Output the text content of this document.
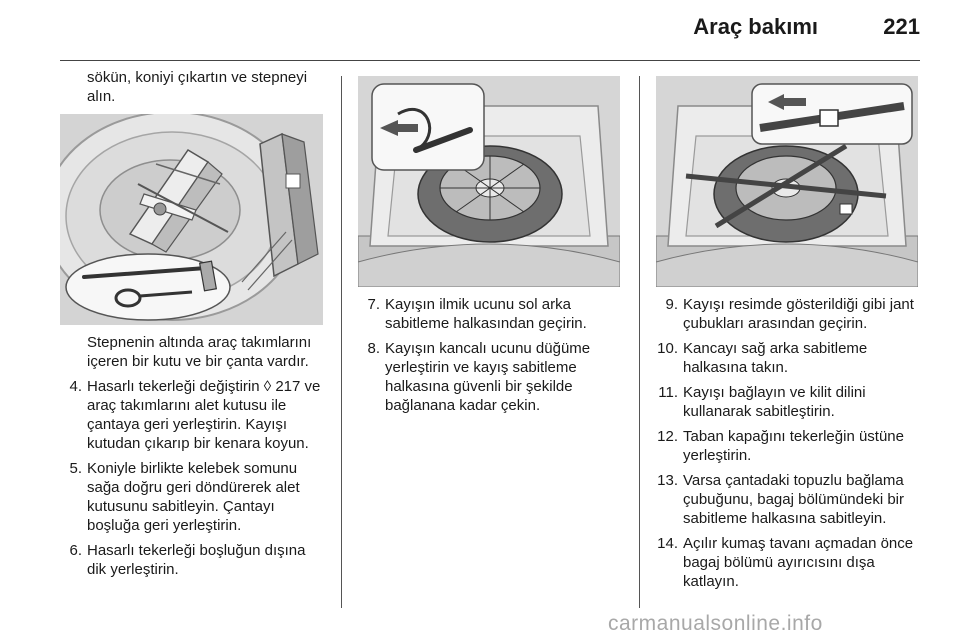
Araç bakımı	221

sökün, koniyi çıkartın ve stepneyi alın.

Stepnenin altında araç takımlarını içeren bir kutu ve bir çanta vardır.

4. Hasarlı tekerleği değiştirin ◊ 217 ve araç takımlarını alet kutusu ile çantaya geri yerleştirin. Kayışı kutudan çıkarıp bir kenara koyun.
5. Koniyle birlikte kelebek somunu sağa doğru geri döndürerek alet kutusunu sabitleyin. Çantayı boşluğa geri yerleştirin.
6. Hasarlı tekerleği boşluğun dışına dik yerleştirin.
7. Kayışın ilmik ucunu sol arka sabitleme halkasından geçirin.
8. Kayışın kancalı ucunu düğüme yerleştirin ve kayış sabitleme halkasına güvenli bir şekilde bağlanana kadar çekin.
9. Kayışı resimde gösterildiği gibi jant çubukları arasından geçirin.
10. Kancayı sağ arka sabitleme halkasına takın.
11. Kayışı bağlayın ve kilit dilini kullanarak sabitleştirin.
12. Taban kapağını tekerleğin üstüne yerleştirin.
13. Varsa çantadaki topuzlu bağlama çubuğunu, bagaj bölümündeki bir sabitleme halkasına sabitleyin.
14. Açılır kumaş tavanı açmadan önce bagaj bölümü ayırıcısını dışa katlayın.
carmanualsonline.info
